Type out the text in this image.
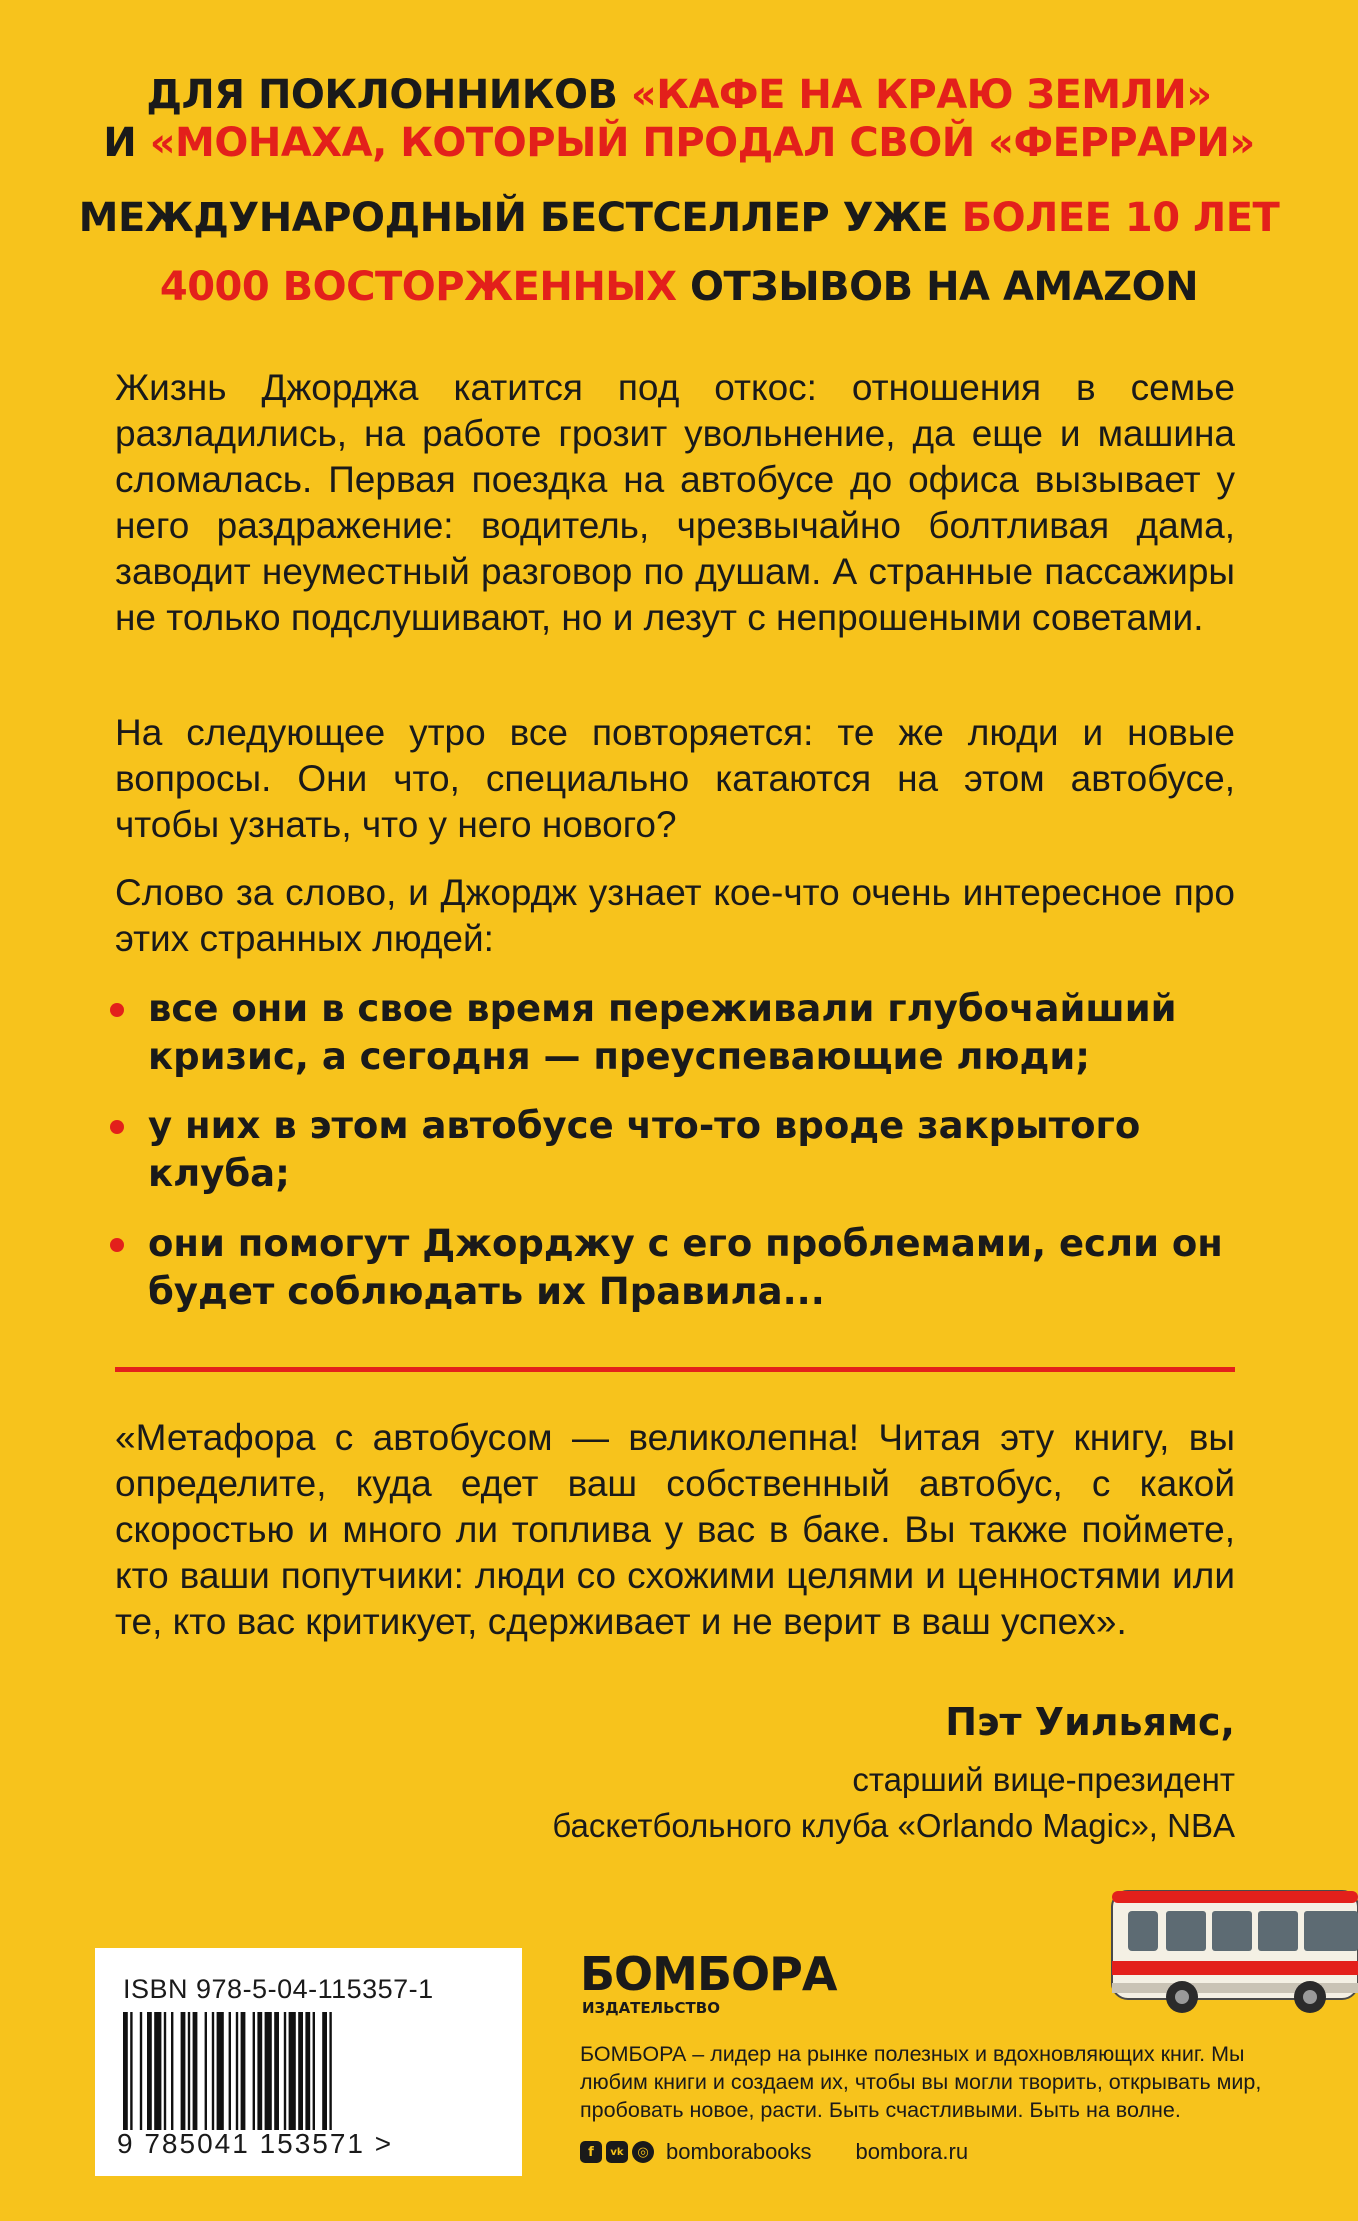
ДЛЯ ПОКЛОННИКОВ «КАФЕ НА КРАЮ ЗЕМЛИ»
И «МОНАХА, КОТОРЫЙ ПРОДАЛ СВОЙ «ФЕРРАРИ»
МЕЖДУНАРОДНЫЙ БЕСТСЕЛЛЕР УЖЕ БОЛЕЕ 10 ЛЕТ
4000 ВОСТОРЖЕННЫХ ОТЗЫВОВ НА AMAZON

Жизнь Джорджа катится под откос: отношения в семье разладились, на работе грозит увольнение, да еще и машина сломалась. Первая поездка на автобусе до офиса вызывает у него раздражение: водитель, чрезвычайно болтливая дама, заводит неуместный разговор по душам. А странные пассажиры не только подслушивают, но и лезут с непрошеными советами.

На следующее утро все повторяется: те же люди и новые вопросы. Они что, специально катаются на этом автобусе, чтобы узнать, что у него нового?

Слово за слово, и Джордж узнает кое-что очень интересное про этих странных людей:

все они в свое время переживали глубочайший кризис, а сегодня — преуспевающие люди;
у них в этом автобусе что-то вроде закрытого клуба;
они помогут Джорджу с его проблемами, если он будет соблюдать их Правила...

«Метафора с автобусом — великолепна! Читая эту книгу, вы определите, куда едет ваш собственный автобус, с какой скоростью и много ли топлива у вас в баке. Вы также поймете, кто ваши попутчики: люди со схожими целями и ценностями или те, кто вас критикует, сдерживает и не верит в ваш успех».

Пэт Уильямс,
старший вице-президент
баскетбольного клуба «Orlando Magic», NBA
ISBN 978-5-04-115357-1
9 785041 153571 >
БОМБОРА
ИЗДАТЕЛЬСТВО
БОМБОРА – лидер на рынке полезных и вдохновляющих книг. Мы любим книги и создаем их, чтобы вы могли творить, открывать мир, пробовать новое, расти. Быть счастливыми. Быть на волне.
f	vk	◎ bomborabooks bombora.ru
